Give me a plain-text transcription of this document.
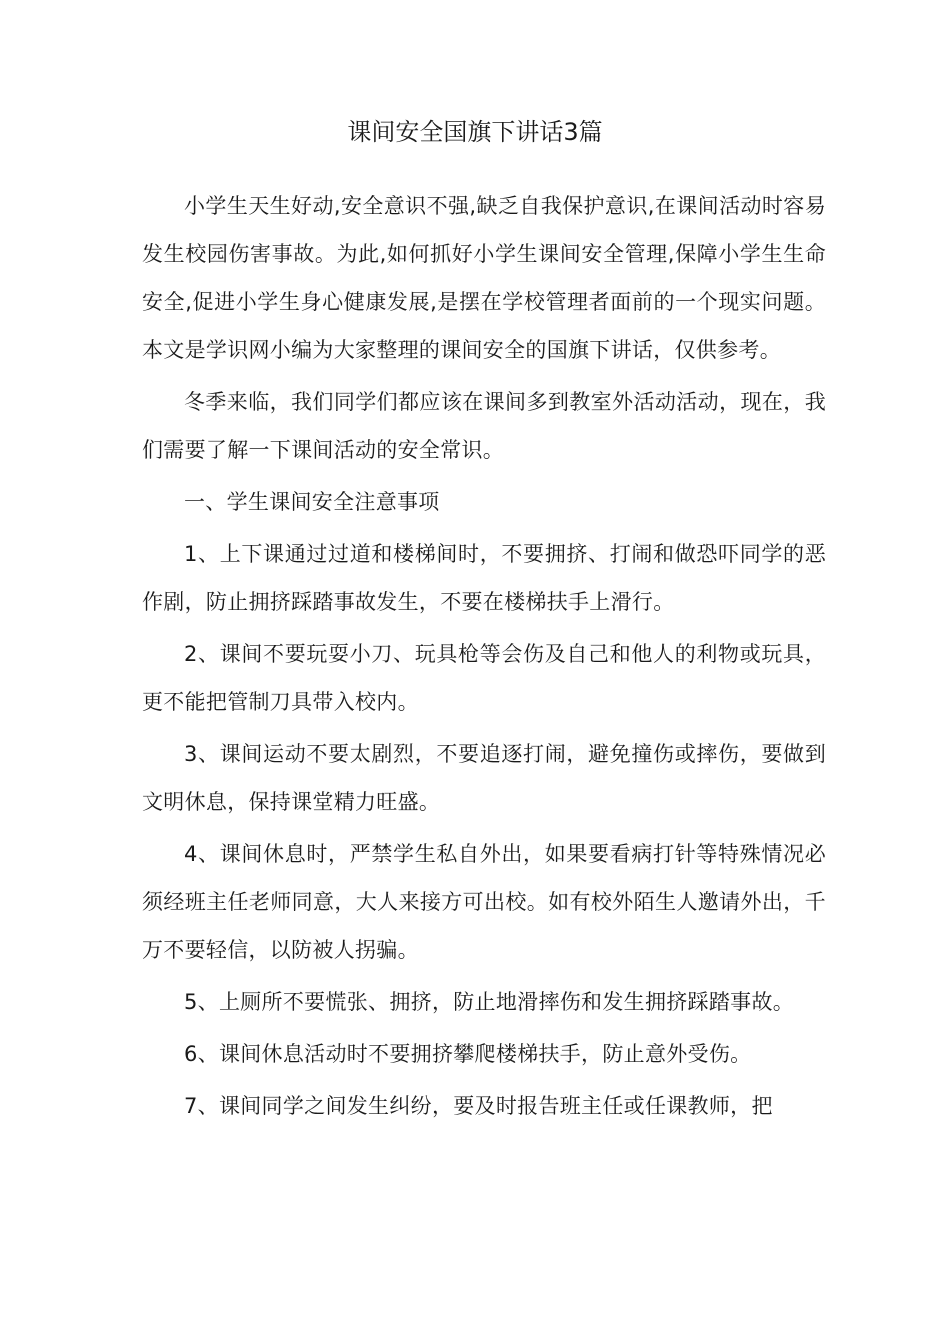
课间安全国旗下讲话3篇

小学生天生好动,安全意识不强,缺乏自我保护意识,在课间活动时容易发生校园伤害事故。为此,如何抓好小学生课间安全管理,保障小学生生命安全,促进小学生身心健康发展,是摆在学校管理者面前的一个现实问题。本文是学识网小编为大家整理的课间安全的国旗下讲话，仅供参考。

冬季来临，我们同学们都应该在课间多到教室外活动活动，现在，我们需要了解一下课间活动的安全常识。

一、学生课间安全注意事项

1、上下课通过过道和楼梯间时，不要拥挤、打闹和做恐吓同学的恶作剧，防止拥挤踩踏事故发生，不要在楼梯扶手上滑行。

2、课间不要玩耍小刀、玩具枪等会伤及自己和他人的利物或玩具，更不能把管制刀具带入校内。

3、课间运动不要太剧烈，不要追逐打闹，避免撞伤或摔伤，要做到文明休息，保持课堂精力旺盛。

4、课间休息时，严禁学生私自外出，如果要看病打针等特殊情况必须经班主任老师同意，大人来接方可出校。如有校外陌生人邀请外出，千万不要轻信，以防被人拐骗。

5、上厕所不要慌张、拥挤，防止地滑摔伤和发生拥挤踩踏事故。

6、课间休息活动时不要拥挤攀爬楼梯扶手，防止意外受伤。

7、课间同学之间发生纠纷，要及时报告班主任或任课教师，把
